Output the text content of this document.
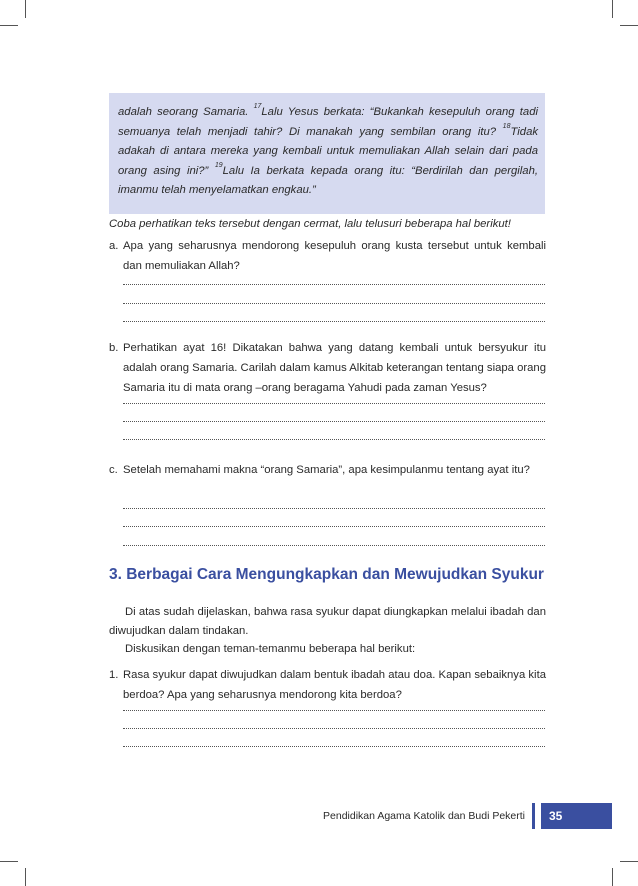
adalah seorang Samaria. $^{17}$Lalu Yesus berkata: “Bukankah kesepuluh orang tadi semuanya telah menjadi tahir? Di manakah yang sembilan orang itu? $^{18}$Tidak adakah di antara mereka yang kembali untuk memuliakan Allah selain dari pada orang asing ini?” $^{19}$Lalu Ia berkata kepada orang itu: “Berdirilah dan pergilah, imanmu telah menyelamatkan engkau.”

Coba perhatikan teks tersebut dengan cermat, lalu telusuri beberapa hal berikut!

a. Apa yang seharusnya mendorong kesepuluh orang kusta tersebut untuk kembali dan memuliakan Allah?
b. Perhatikan ayat 16! Dikatakan bahwa yang datang kembali untuk bersyukur itu adalah orang Samaria. Carilah dalam kamus Alkitab keterangan tentang siapa orang Samaria itu di mata orang –orang beragama Yahudi pada zaman Yesus?
c. Setelah memahami makna “orang Samaria”, apa kesimpulanmu tentang ayat itu?
3. Berbagai Cara Mengungkapkan dan Mewujudkan Syukur

Di atas sudah dijelaskan, bahwa rasa syukur dapat diungkapkan melalui ibadah dan diwujudkan dalam tindakan.

Diskusikan dengan teman-temanmu beberapa hal berikut:

1. Rasa syukur dapat diwujudkan dalam bentuk ibadah atau doa. Kapan sebaiknya kita berdoa? Apa yang seharusnya mendorong kita berdoa?
Pendidikan Agama Katolik dan Budi Pekerti	35
